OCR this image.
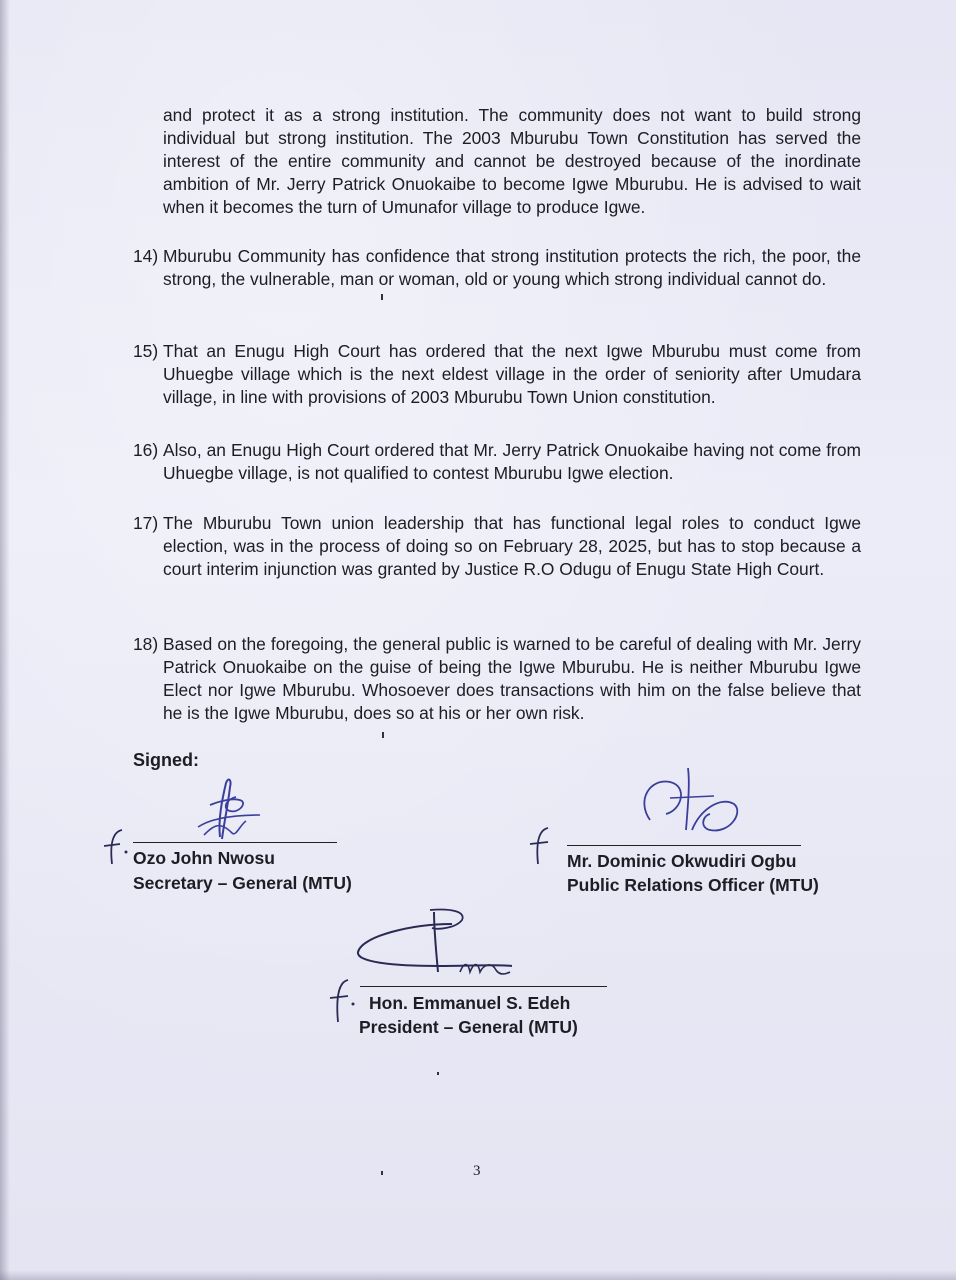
and protect it as a strong institution. The community does not want to build strong individual but strong institution. The 2003 Mburubu Town Constitution has served the interest of the entire community and cannot be destroyed because of the inordinate ambition of Mr. Jerry Patrick Onuokaibe to become Igwe Mburubu. He is advised to wait when it becomes the turn of Umunafor village to produce Igwe.
14) Mburubu Community has confidence that strong institution protects the rich, the poor, the strong, the vulnerable, man or woman, old or young which strong individual cannot do.
15) That an Enugu High Court has ordered that the next Igwe Mburubu must come from Uhuegbe village which is the next eldest village in the order of seniority after Umudara village, in line with provisions of 2003 Mburubu Town Union constitution.
16) Also, an Enugu High Court ordered that Mr. Jerry Patrick Onuokaibe having not come from Uhuegbe village, is not qualified to contest Mburubu Igwe election.
17) The Mburubu Town union leadership that has functional legal roles to conduct Igwe election, was in the process of doing so on February 28, 2025, but has to stop because a court interim injunction was granted by Justice R.O Odugu of Enugu State High Court.
18) Based on the foregoing, the general public is warned to be careful of dealing with Mr. Jerry Patrick Onuokaibe on the guise of being the Igwe Mburubu. He is neither Mburubu Igwe Elect nor Igwe Mburubu. Whosoever does transactions with him on the false believe that he is the Igwe Mburubu, does so at his or her own risk.
Signed:
Ozo John Nwosu
Secretary – General (MTU)
Mr. Dominic Okwudiri Ogbu
Public Relations Officer (MTU)
Hon. Emmanuel S. Edeh
President – General (MTU)
3
